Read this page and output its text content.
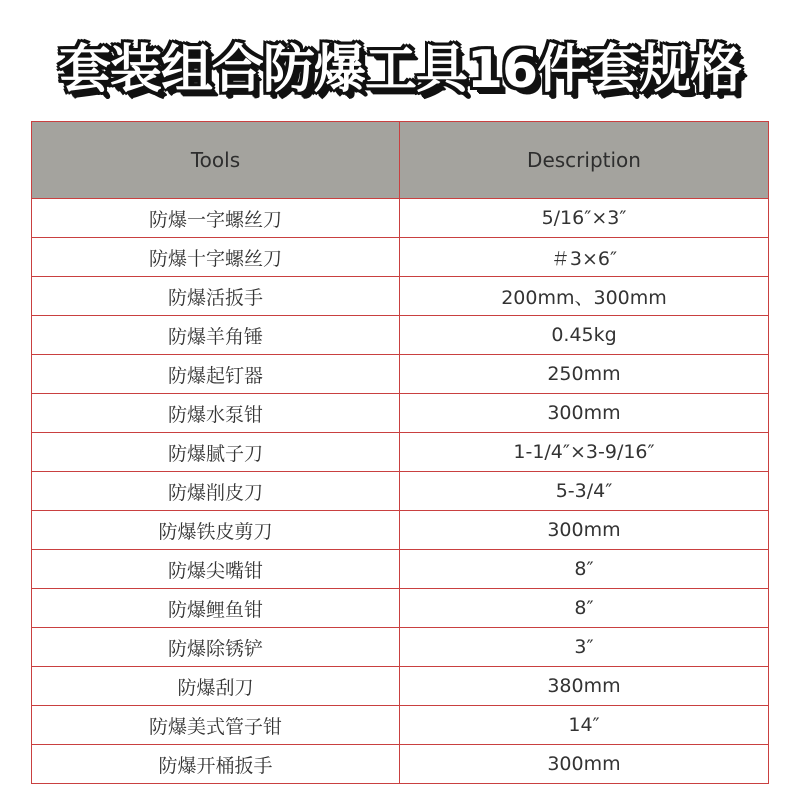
套装组合防爆工具16件套规格
Tools	Description
防爆一字螺丝刀	5/16″×3″
防爆十字螺丝刀	＃3×6″
防爆活扳手	200mm、300mm
防爆羊角锤	0.45kg
防爆起钉器	250mm
防爆水泵钳	300mm
防爆腻子刀	1-1/4″×3-9/16″
防爆削皮刀	5-3/4″
防爆铁皮剪刀	300mm
防爆尖嘴钳	8″
防爆鲤鱼钳	8″
防爆除锈铲	3″
防爆刮刀	380mm
防爆美式管子钳	14″
防爆开桶扳手	300mm
